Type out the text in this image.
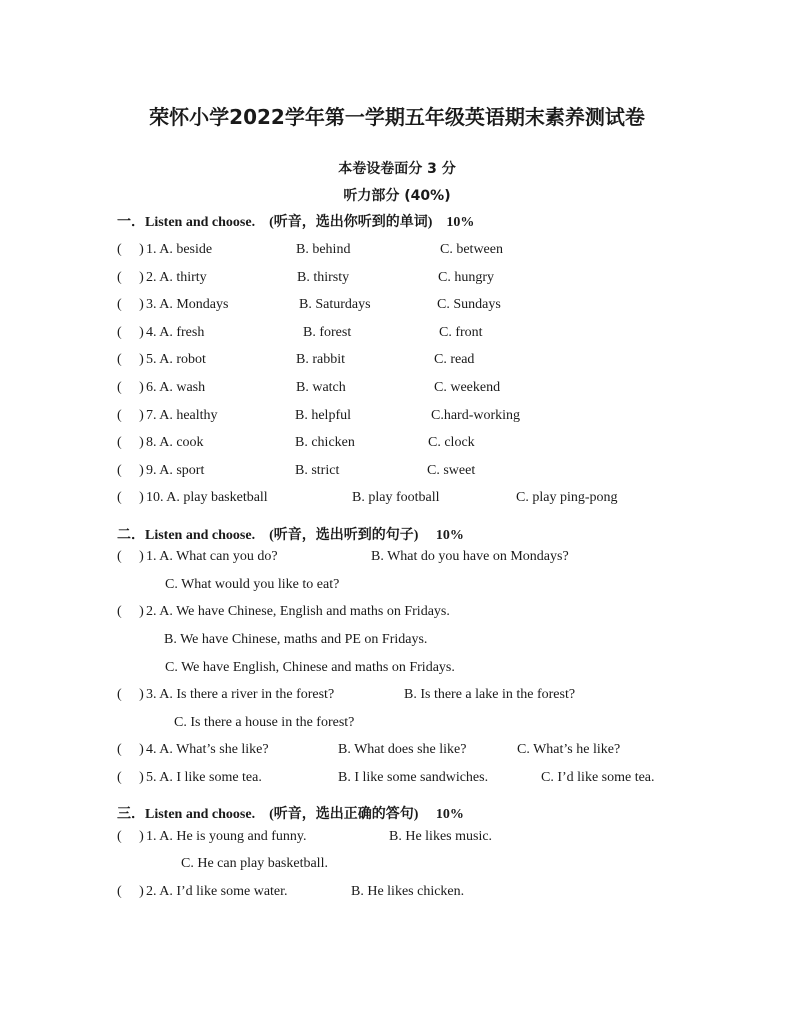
荣怀小学2022学年第一学期五年级英语期末素养测试卷
本卷设卷面分 3 分
听力部分 (40%)
一．Listen and choose.　(听音，选出你听到的单词)　10%
(　 ) 1. A. beside	B. behind	C. between
(　 ) 2. A. thirty	B. thirsty	C. hungry
(　 ) 3. A. Mondays	B. Saturdays	C. Sundays
(　 ) 4. A. fresh	B. forest	C. front
(　 ) 5. A. robot	B. rabbit	C. read
(　 ) 6. A. wash	B. watch	C. weekend
(　 ) 7. A. healthy	B. helpful	C.hard-working
(　 ) 8. A. cook	B. chicken	C. clock
(　 ) 9. A. sport	B. strict	C. sweet
(　 ) 10. A. play basketball	B. play football	C. play ping-pong
二．Listen and choose.　(听音，选出听到的句子)　 10%
(　 ) 1. A. What can you do?	B. What do you have on Mondays?
C. What would you like to eat?
(　 ) 2. A. We have Chinese, English and maths on Fridays.
B. We have Chinese, maths and PE on Fridays.
C. We have English, Chinese and maths on Fridays.
(　 ) 3. A. Is there a river in the forest?	B. Is there a lake in the forest?
C. Is there a house in the forest?
(　 ) 4. A. What’s she like?	B. What does she like?	C. What’s he like?
(　 ) 5. A. I like some tea.	B. I like some sandwiches.	C. I’d like some tea.
三．Listen and choose.　(听音，选出正确的答句)　 10%
(　 ) 1. A. He is young and funny.	B. He likes music.
C. He can play basketball.
(　 ) 2. A. I’d like some water.	B. He likes chicken.
